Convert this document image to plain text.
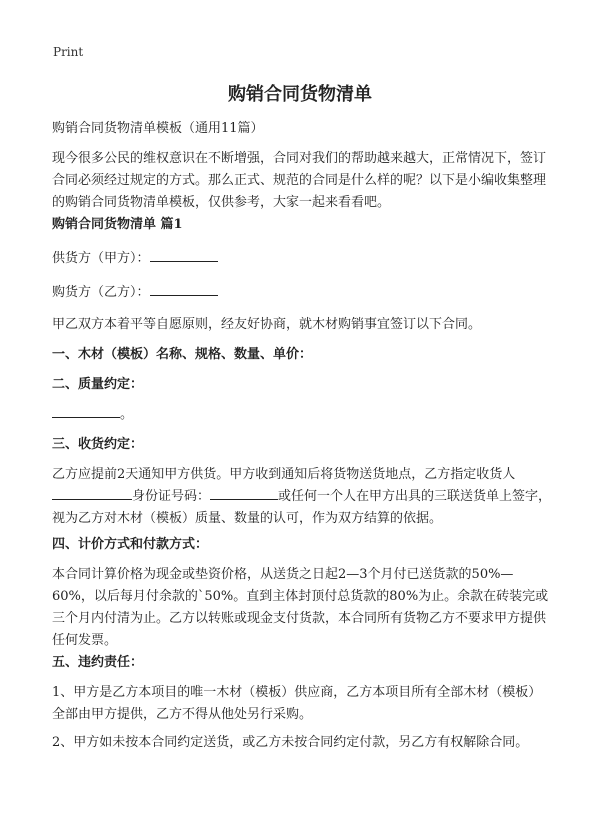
Print
购销合同货物清单
购销合同货物清单模板（通用11篇）
现今很多公民的维权意识在不断增强，合同对我们的帮助越来越大，正常情况下，签订合同必须经过规定的方式。那么正式、规范的合同是什么样的呢？以下是小编收集整理的购销合同货物清单模板，仅供参考，大家一起来看看吧。
购销合同货物清单 篇1
供货方（甲方）：
购货方（乙方）：
甲乙双方本着平等自愿原则，经友好协商，就木材购销事宜签订以下合同。
一、木材（模板）名称、规格、数量、单价：
二、质量约定：
。
三、收货约定：
乙方应提前2天通知甲方供货。甲方收到通知后将货物送货地点，乙方指定收货人身份证号码：	或任何一个人在甲方出具的三联送货单上签字，视为乙方对木材（模板）质量、数量的认可，作为双方结算的依据。
四、计价方式和付款方式：
本合同计算价格为现金或垫资价格，从送货之日起2—3个月付已送货款的50%—60%，以后每月付余款的`50%。直到主体封顶付总货款的80%为止。余款在砖装完或三个月内付清为止。乙方以转账或现金支付货款，本合同所有货物乙方不要求甲方提供任何发票。
五、违约责任：
1、甲方是乙方本项目的唯一木材（模板）供应商，乙方本项目所有全部木材（模板）全部由甲方提供，乙方不得从他处另行采购。
2、甲方如未按本合同约定送货，或乙方未按合同约定付款，另乙方有权解除合同。
